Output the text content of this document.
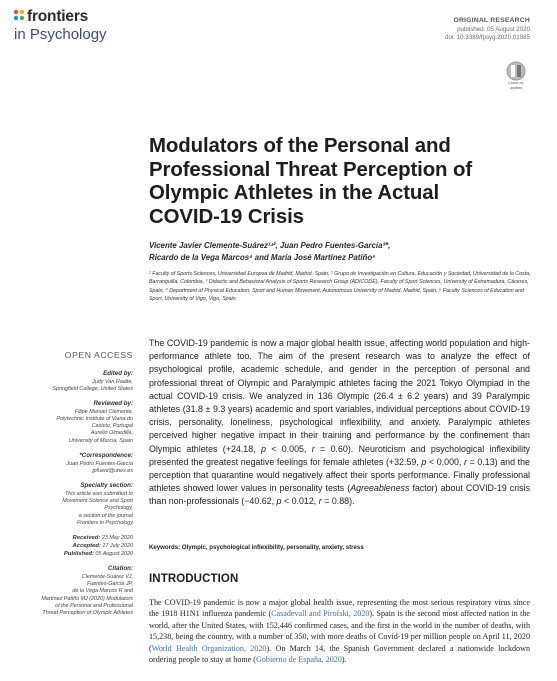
frontiers
in Psychology
ORIGINAL RESEARCH
published: 05 August 2020
doi: 10.3389/fpsyg.2020.01985
Check for
updates
Modulators of the Personal and Professional Threat Perception of Olympic Athletes in the Actual COVID-19 Crisis
Vicente Javier Clemente-Suárez¹ʴ², Juan Pedro Fuentes-García³*,
Ricardo de la Vega Marcos⁴ and María José Martínez Patiño⁵
¹ Faculty of Sports Sciences, Universidad Europea de Madrid, Madrid, Spain, ² Grupo de Investigación en Cultura, Educación y Sociedad, Universidad de la Costa, Barranquilla, Colombia, ³ Didactic and Behavioral Analysis of Sports Research Group (ADICODE), Faculty of Sport Sciences, University of Extremadura, Cáceres, Spain, ⁴ Department of Physical Education, Sport and Human Movement, Autonomous University of Madrid, Madrid, Spain, ⁵ Faculty Sciences of Education and Sport, University of Vigo, Vigo, Spain
The COVID-19 pandemic is now a major global health issue, affecting world population and high-performance athlete too. The aim of the present research was to analyze the effect of psychological profile, academic schedule, and gender in the perception of personal and professional threat of Olympic and Paralympic athletes facing the 2021 Tokyo Olympiad in the actual COVID-19 crisis. We analyzed in 136 Olympic (26.4 ± 6.2 years) and 39 Paralympic athletes (31.8 ± 9.3 years) academic and sport variables, individual perceptions about COVID-19 crisis, personality, loneliness, psychological inflexibility, and anxiety. Paralympic athletes perceived higher negative impact in their training and performance by the confinement than Olympic athletes (+24.18, p < 0.005, r = 0.60). Neuroticism and psychological inflexibility presented the greatest negative feelings for female athletes (+32.59, p < 0.000, r = 0.13) and the perception that quarantine would negatively affect their sports performance. Finally professional athletes showed lower values in personality tests (Agreeableness factor) about COVID-19 crisis than non-professionals (−40.62, p < 0.012, r = 0.88).
Keywords: Olympic, psychological inflexibility, personality, anxiety, stress
INTRODUCTION
The COVID-19 pandemic is now a major global health issue, representing the most serious respiratory virus since the 1918 H1N1 influenza pandemic (Casadevall and Pirofski, 2020). Spain is the second most affected nation in the world, after the United States, with 152,446 confirmed cases, and the first in the world in the number of deaths, with 15,238, being the country, with a number of 350, with more deaths of Covid-19 per million people on April 11, 2020 (World Health Organization, 2020). On March 14, the Spanish Government declared a nationwide lockdown ordering people to stay at home (Gobierno de España, 2020).
OPEN ACCESS
Edited by:
Judy Van Raalte,
Springfield College, United States
Reviewed by:
Filipe Manuel Clemente,
Polytechnic Institute of Viana do
Castelo, Portugal
Aurelio Olmedilla,
University of Murcia, Spain
*Correspondence:
Juan Pedro Fuentes-García
jpfuent@unex.es
Specialty section:
This article was submitted to
Movement Science and Sport
Psychology,
a section of the journal
Frontiers in Psychology
Received: 23 May 2020
Accepted: 17 July 2020
Published: 05 August 2020
Citation:
Clemente-Suárez VJ,
Fuentes-García JP,
de la Vega Marcos R and
Martínez Patiño MJ (2020) Modulators
of the Personal and Professional
Threat Perception of Olympic Athletes
